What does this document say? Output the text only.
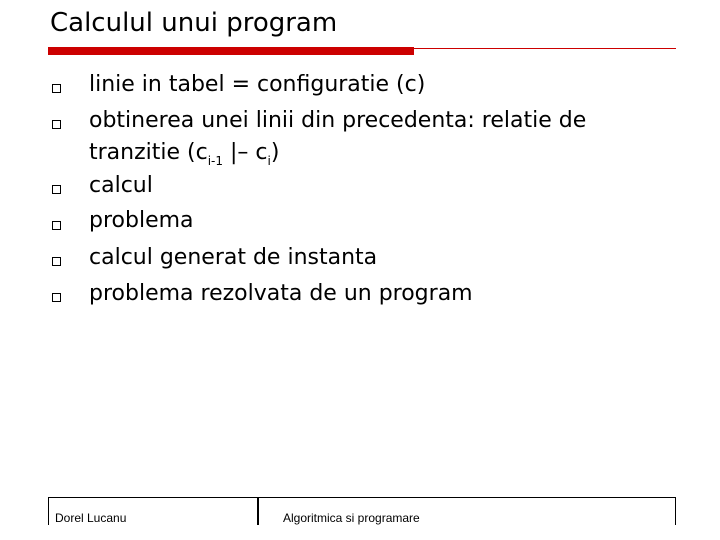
Calculul unui program
linie in tabel = configuratie (c)
obtinerea unei linii din precedenta: relatie de
tranzitie ($c_{i-1}$ |– $c_i$)
calcul
problema
calcul generat de instanta
problema rezolvata de un program
Dorel Lucanu	Algoritmica si programare
